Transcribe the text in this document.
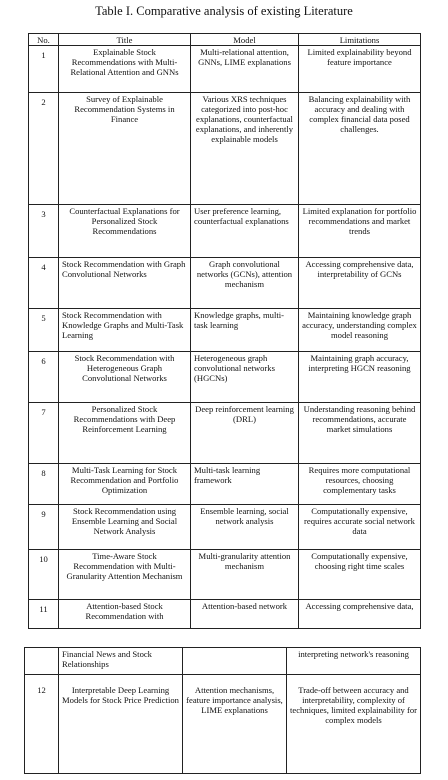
Table I. Comparative analysis of existing Literature
No.	Title	Model	Limitations
1	Explainable Stock Recommendations with Multi-Relational Attention and GNNs	Multi-relational attention, GNNs, LIME explanations	Limited explainability beyond feature importance
2	Survey of Explainable Recommendation Systems in Finance	Various XRS techniques categorized into post-hoc explanations, counterfactual explanations, and inherently explainable models	Balancing explainability with accuracy and dealing with complex financial data posed challenges.
3	Counterfactual Explanations for Personalized Stock Recommendations	User preference learning, counterfactual explanations	Limited explanation for portfolio recommendations and market trends
4	Stock Recommendation with Graph Convolutional Networks	Graph convolutional networks (GCNs), attention mechanism	Accessing comprehensive data, interpretability of GCNs
5	Stock Recommendation with Knowledge Graphs and Multi-Task Learning	Knowledge graphs, multi-task learning	Maintaining knowledge graph accuracy, understanding complex model reasoning
6	Stock Recommendation with Heterogeneous Graph Convolutional Networks	Heterogeneous graph convolutional networks (HGCNs)	Maintaining graph accuracy, interpreting HGCN reasoning
7	Personalized Stock Recommendations with Deep Reinforcement Learning	Deep reinforcement learning (DRL)	Understanding reasoning behind recommendations, accurate market simulations
8	Multi-Task Learning for Stock Recommendation and Portfolio Optimization	Multi-task learning framework	Requires more computational resources, choosing complementary tasks
9	Stock Recommendation using Ensemble Learning and Social Network Analysis	Ensemble learning, social network analysis	Computationally expensive, requires accurate social network data
10	Time-Aware Stock Recommendation with Multi-Granularity Attention Mechanism	Multi-granularity attention mechanism	Computationally expensive, choosing right time scales
11	Attention-based Stock Recommendation with	Attention-based network	Accessing comprehensive data,
	Financial News and Stock Relationships		interpreting network's reasoning
12	Interpretable Deep Learning Models for Stock Price Prediction	Attention mechanisms, feature importance analysis, LIME explanations	Trade-off between accuracy and interpretability, complexity of techniques, limited explainability for complex models
